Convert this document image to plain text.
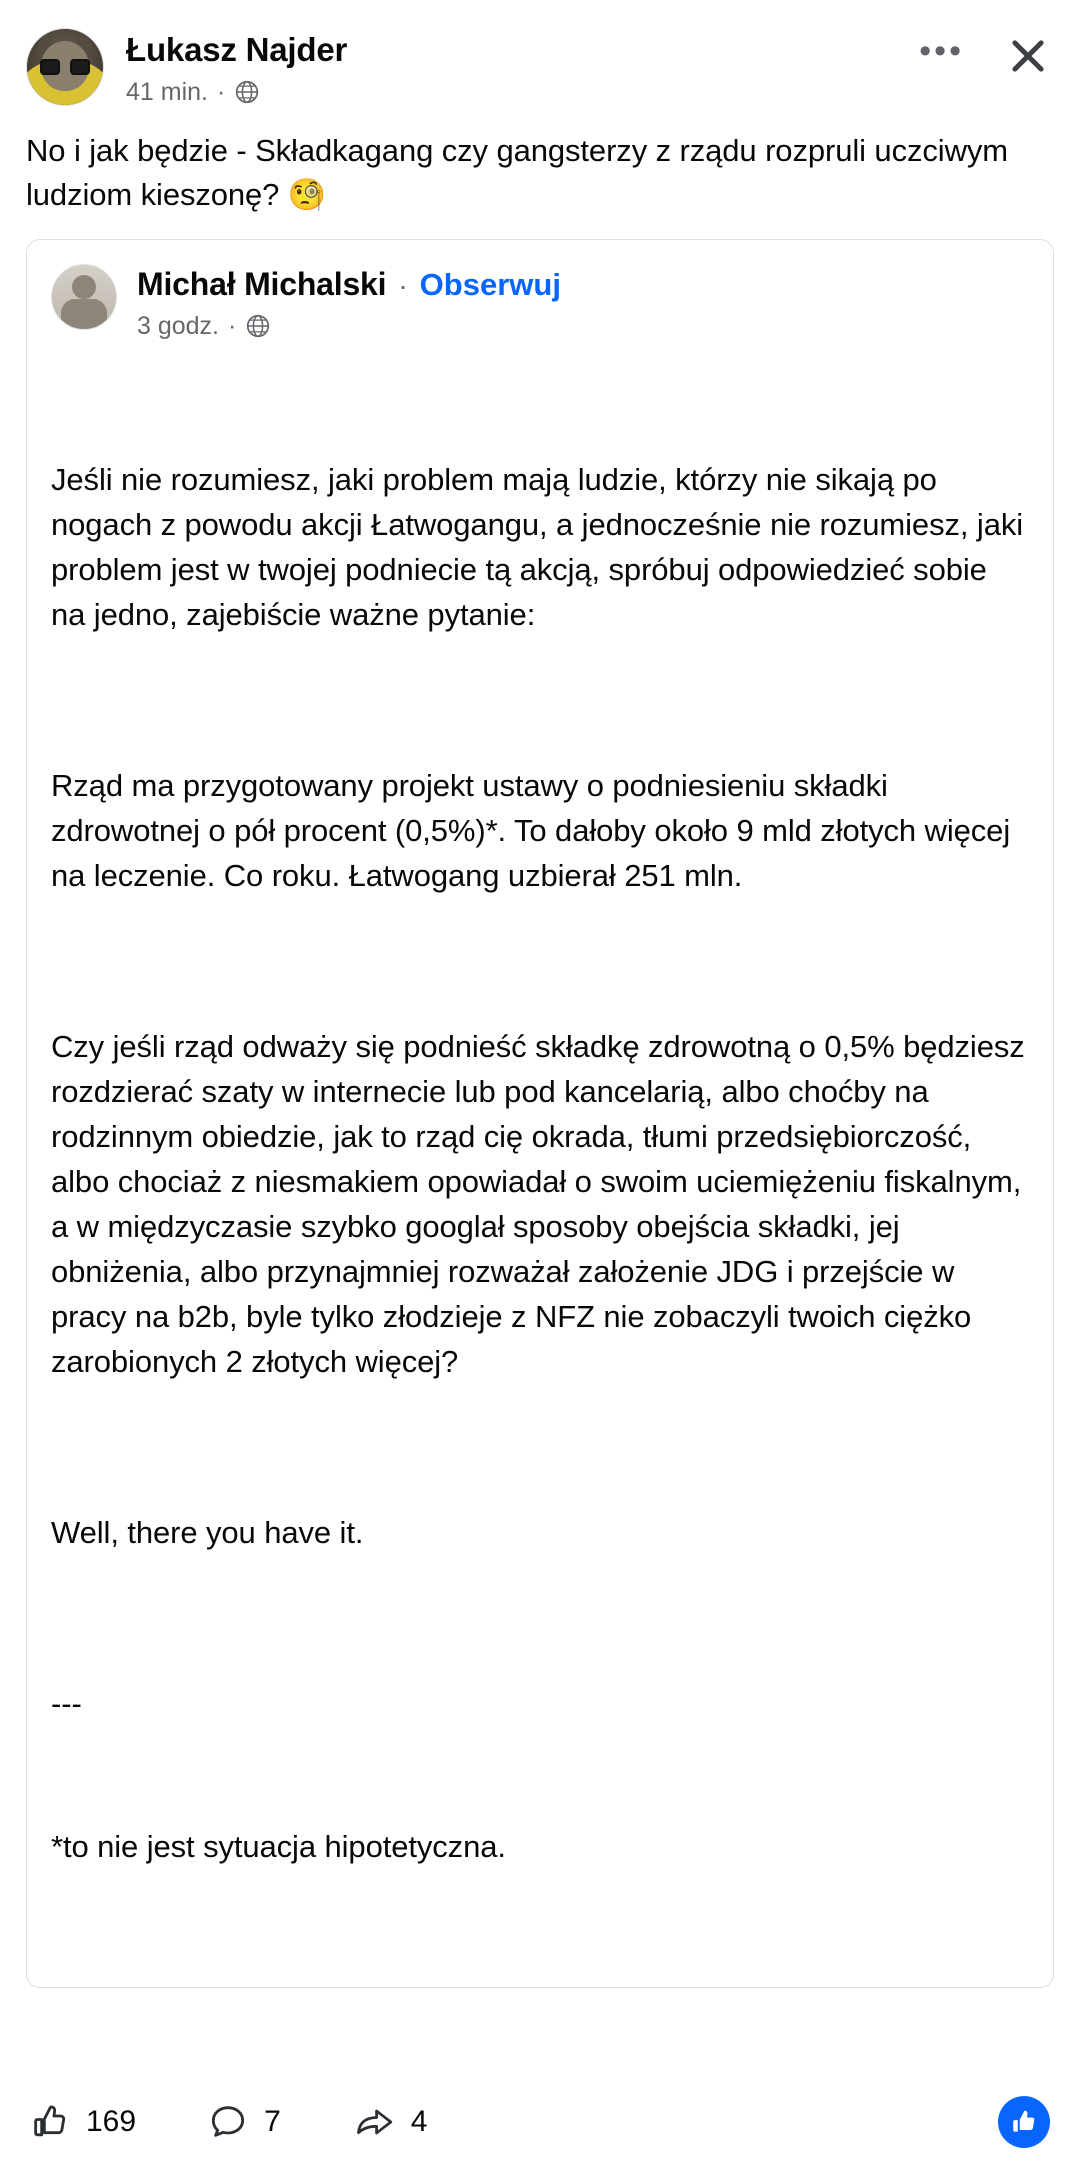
Łukasz Najder
41 min. ·
•••
No i jak będzie - Składkagang czy gangsterzy z rządu rozpruli uczciwym ludziom kieszonę? 🧐
Michał Michalski · Obserwuj
3 godz. ·

Jeśli nie rozumiesz, jaki problem mają ludzie, którzy nie sikają po nogach z powodu akcji Łatwogangu, a jednocześnie nie rozumiesz, jaki problem jest w twojej podniecie tą akcją, spróbuj odpowiedzieć sobie na jedno, zajebiście ważne pytanie:

Rząd ma przygotowany projekt ustawy o podniesieniu składki zdrowotnej o pół procent (0,5%)*. To dałoby około 9 mld złotych więcej na leczenie. Co roku. Łatwogang uzbierał 251 mln.

Czy jeśli rząd odważy się podnieść składkę zdrowotną o 0,5% będziesz rozdzierać szaty w internecie lub pod kancelarią, albo choćby na rodzinnym obiedzie, jak to rząd cię okrada, tłumi przedsiębiorczość, albo chociaż z niesmakiem opowiadał o swoim uciemiężeniu fiskalnym, a w międzyczasie szybko googlał sposoby obejścia składki, jej obniżenia, albo przynajmniej rozważał założenie JDG i przejście w pracy na b2b, byle tylko złodzieje z NFZ nie zobaczyli twoich ciężko zarobionych 2 złotych więcej?

Well, there you have it.

---

*to nie jest sytuacja hipotetyczna.

169	7	4
